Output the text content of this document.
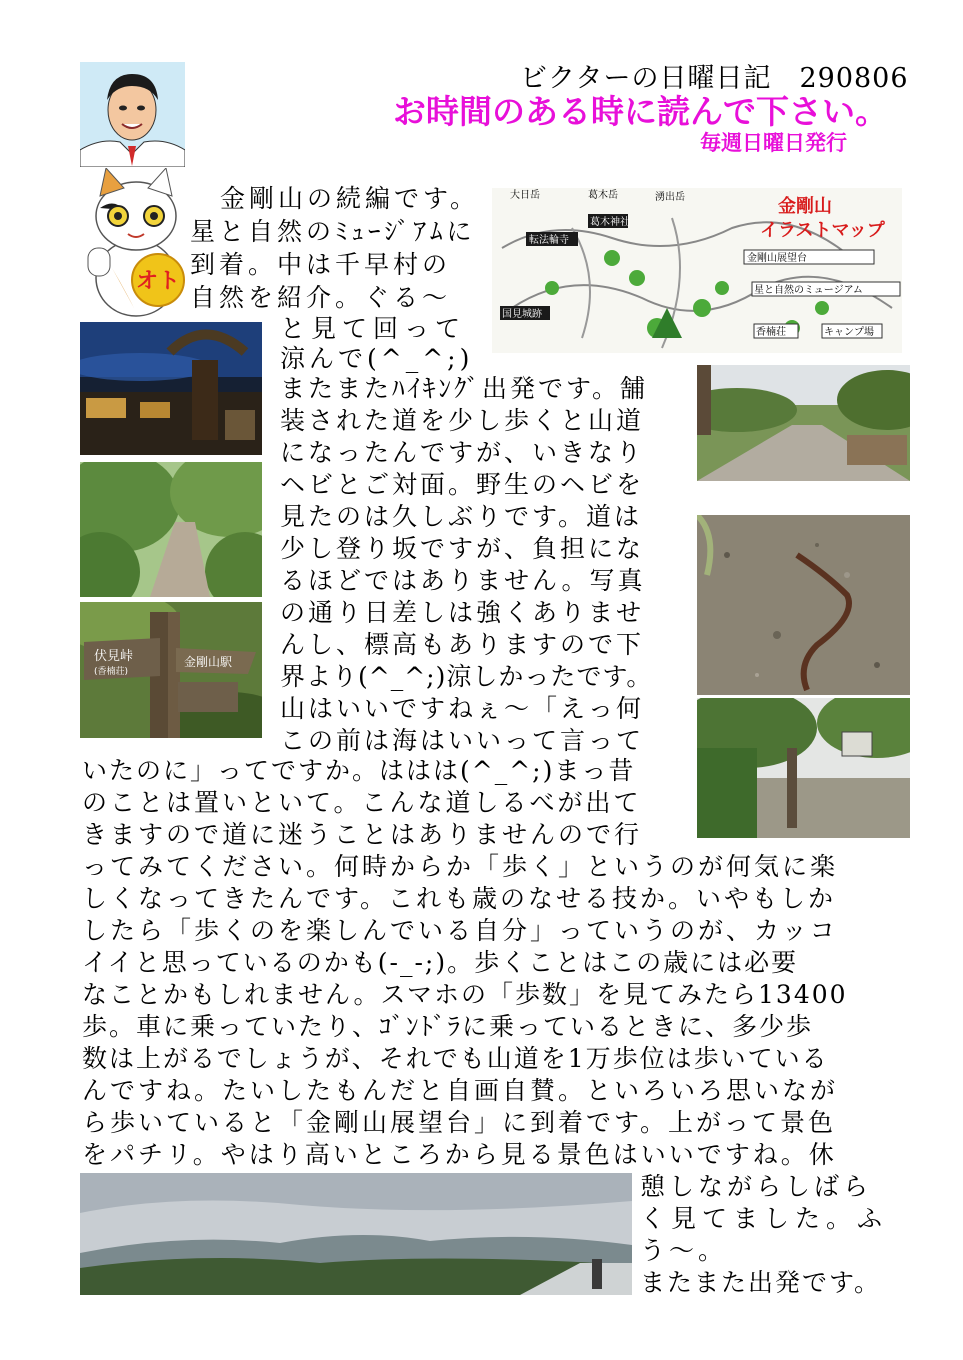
ビクターの日曜日記　290806
お時間のある時に読んで下さい。
毎週日曜日発行
オト
大日岳	葛木岳	湧出岳
転法輪寺
葛木神社
国見城跡
金剛山展望台
星と自然のミュージアム
香楠荘	キャンプ場
金剛山
イラストマップ
伏見峠
(香楠荘)
金剛山駅
金剛山の続編です。
星と自然のﾐｭｰｼﾞｱﾑに
到着。中は千早村の
自然を紹介。ぐる～
と見て回って
涼んで(^_^;)
またまたﾊｲｷﾝｸﾞ出発です。舗
装された道を少し歩くと山道
になったんですが、いきなり
ヘビとご対面。野生のヘビを
見たのは久しぶりです。道は
少し登り坂ですが、負担にな
るほどではありません。写真
の通り日差しは強くありませ
んし、標高もありますので下
界より(^_^;)涼しかったです。
山はいいですねぇ～「えっ何
この前は海はいいって言って
いたのに」ってですか。ははは(^_^;)まっ昔
のことは置いといて。こんな道しるべが出て
きますので道に迷うことはありませんので行
ってみてください。何時からか「歩く」というのが何気に楽
しくなってきたんです。これも歳のなせる技か。いやもしか
したら「歩くのを楽しんでいる自分」っていうのが、カッコ
イイと思っているのかも(-_-;)。歩くことはこの歳には必要
なことかもしれません。スマホの「歩数」を見てみたら13400
歩。車に乗っていたり、ｺﾞﾝﾄﾞﾗに乗っているときに、多少歩
数は上がるでしょうが、それでも山道を1万歩位は歩いている
んですね。たいしたもんだと自画自賛。といろいろ思いなが
ら歩いていると「金剛山展望台」に到着です。上がって景色
をパチリ。やはり高いところから見る景色はいいですね。休
憩しながらしばら
く見てました。ふ
う～。
またまた出発です。
